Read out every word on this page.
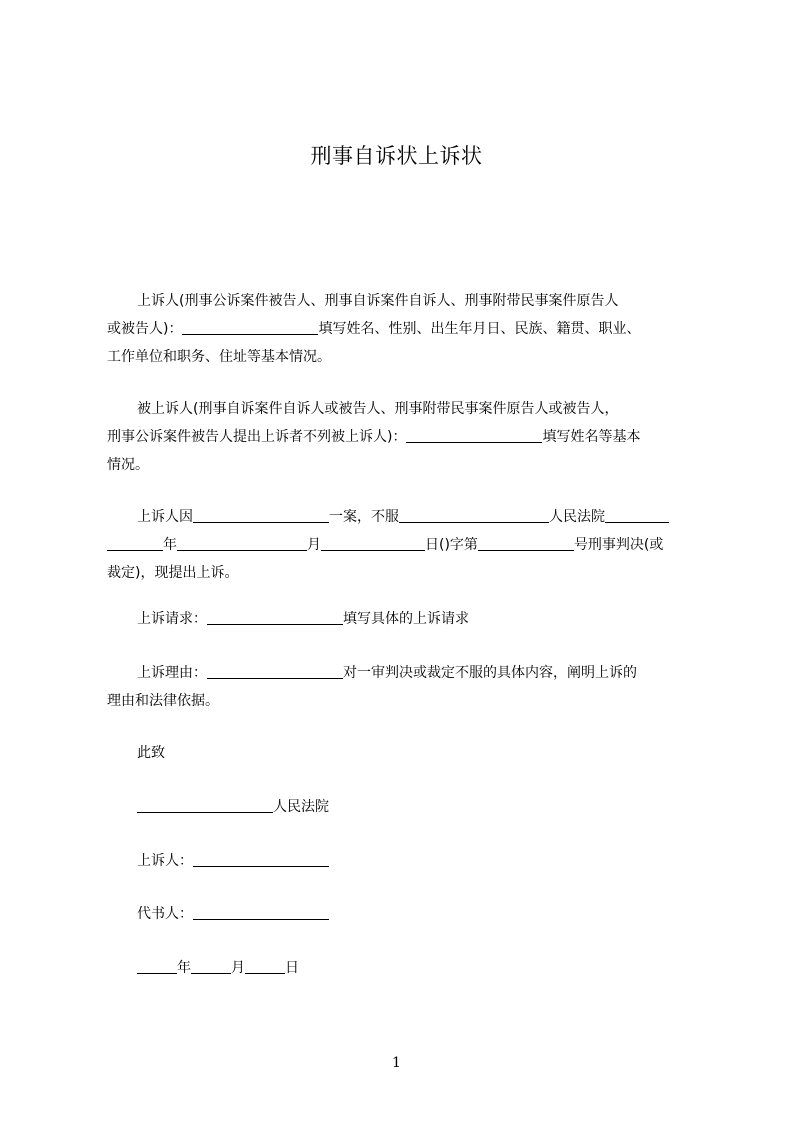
刑事自诉状上诉状
上诉人(刑事公诉案件被告人、刑事自诉案件自诉人、刑事附带民事案件原告人
或被告人)：	填写姓名、性别、出生年月日、民族、籍贯、职业、
工作单位和职务、住址等基本情况。
被上诉人(刑事自诉案件自诉人或被告人、刑事附带民事案件原告人或被告人，
刑事公诉案件被告人提出上诉者不列被上诉人)：	填写姓名等基本
情况。
上诉人因	一案，不服	人民法院
年	月	日()字第	号刑事判决(或
裁定)，现提出上诉。
上诉请求：	填写具体的上诉请求
上诉理由：	对一审判决或裁定不服的具体内容，阐明上诉的
理由和法律依据。
此致
人民法院
上诉人：
代书人：
年	月	日
1
